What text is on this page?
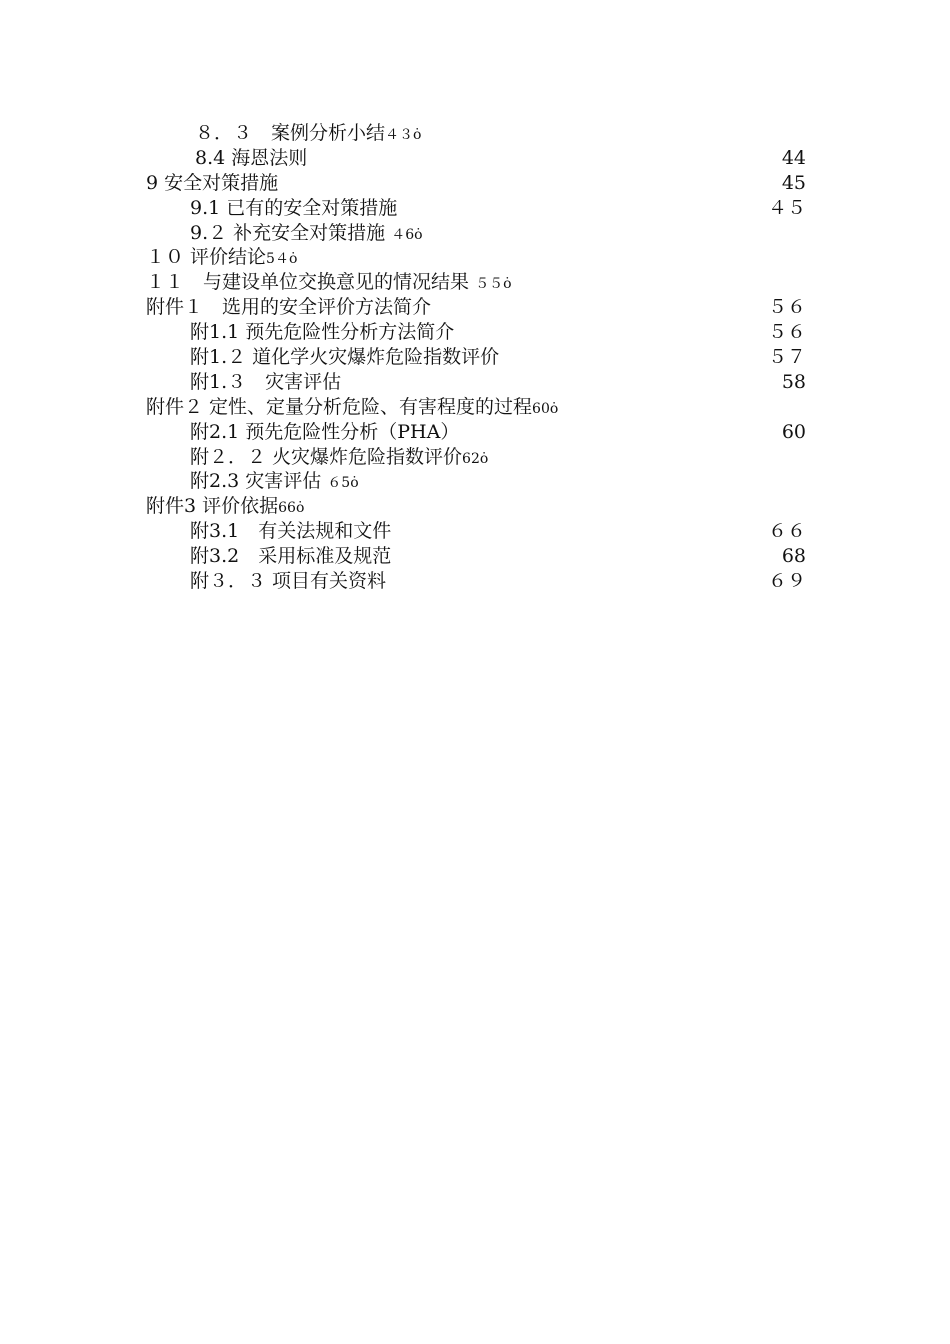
８．３　案例分析小结４３ȯ
8.4 海恩法则	44
9 安全对策措施	45
9.1 已有的安全对策措施	４５
9.２ 补充安全对策措施 ４6ȯ
１０ 评价结论5４ȯ
１１　与建设单位交换意见的情况结果 ５５ȯ
附件１　选用的安全评价方法简介	５６
附1.1 预先危险性分析方法简介	５６
附1.２ 道化学火灾爆炸危险指数评价	５７
附1.３　灾害评估	58
附件２ 定性、定量分析危险、有害程度的过程60ȯ
附2.1 预先危险性分析（PHA）	60
附２．２ 火灾爆炸危险指数评价62ȯ
附2.3 灾害评估 ６5ȯ
附件3 评价依据66ȯ
附3.1　有关法规和文件	６６
附3.2　采用标准及规范	68
附３．３ 项目有关资料	６９
